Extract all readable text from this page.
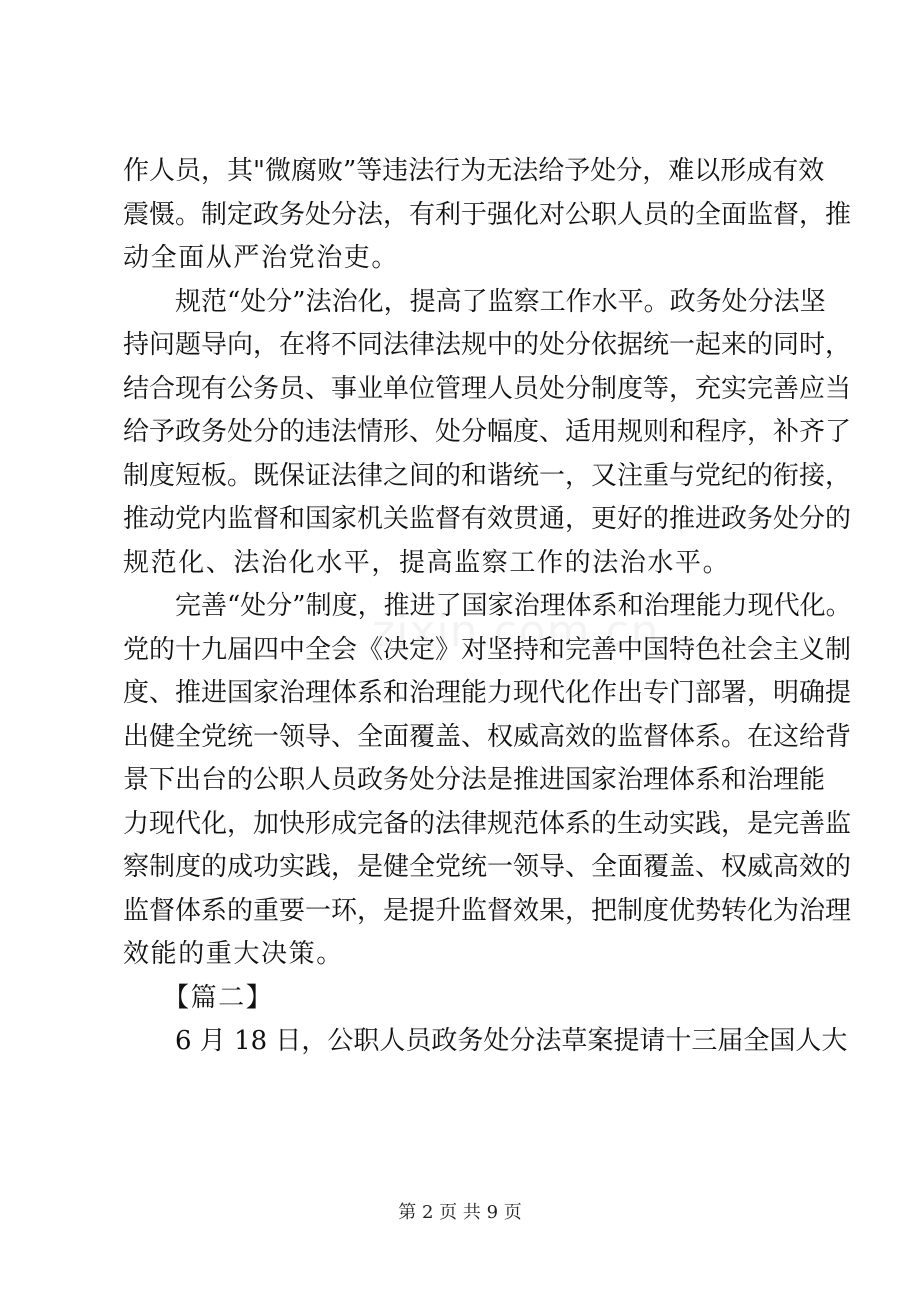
作人员，其"微腐败”等违法行为无法给予处分，难以形成有效
震慑。制定政务处分法，有利于强化对公职人员的全面监督，推
动全面从严治党治吏。
规范“处分”法治化，提高了监察工作水平。政务处分法坚
持问题导向，在将不同法律法规中的处分依据统一起来的同时，
结合现有公务员、事业单位管理人员处分制度等，充实完善应当
给予政务处分的违法情形、处分幅度、适用规则和程序，补齐了
制度短板。既保证法律之间的和谐统一，又注重与党纪的衔接，
推动党内监督和国家机关监督有效贯通，更好的推进政务处分的
规范化、法治化水平，提高监察工作的法治水平。
完善“处分”制度，推进了国家治理体系和治理能力现代化。
党的十九届四中全会《决定》对坚持和完善中国特色社会主义制
度、推进国家治理体系和治理能力现代化作出专门部署，明确提
出健全党统一领导、全面覆盖、权威高效的监督体系。在这给背
景下出台的公职人员政务处分法是推进国家治理体系和治理能
力现代化，加快形成完备的法律规范体系的生动实践，是完善监
察制度的成功实践，是健全党统一领导、全面覆盖、权威高效的
监督体系的重要一环，是提升监督效果，把制度优势转化为治理
效能的重大决策。
【篇二】
6 月 18 日，公职人员政务处分法草案提请十三届全国人大
第 2 页 共 9 页
